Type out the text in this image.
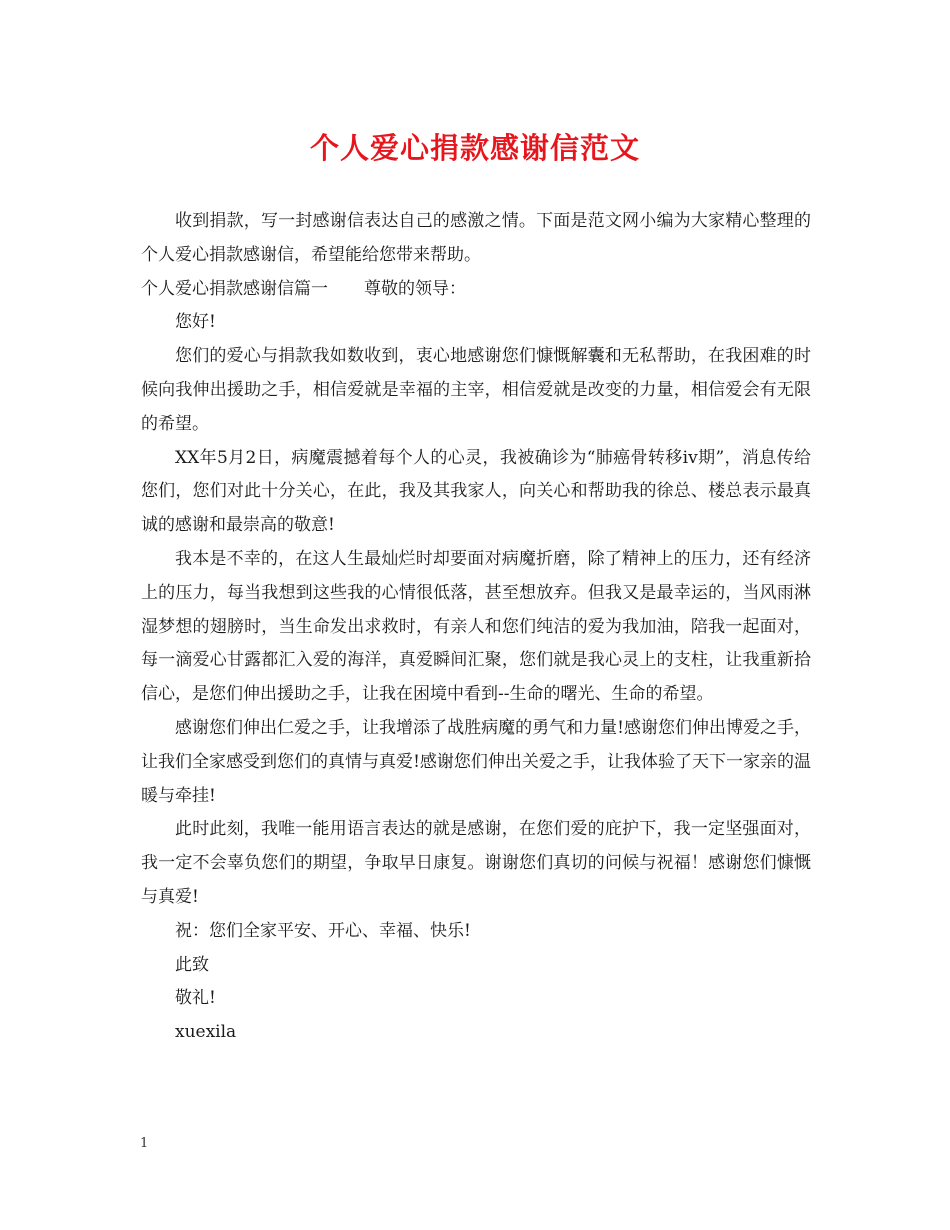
个人爱心捐款感谢信范文

收到捐款，写一封感谢信表达自己的感激之情。下面是范文网小编为大家精心整理的个人爱心捐款感谢信，希望能给您带来帮助。

个人爱心捐款感谢信篇一 尊敬的领导：

您好!

您们的爱心与捐款我如数收到，衷心地感谢您们慷慨解囊和无私帮助，在我困难的时候向我伸出援助之手，相信爱就是幸福的主宰，相信爱就是改变的力量，相信爱会有无限的希望。

XX年5月2日，病魔震撼着每个人的心灵，我被确诊为“肺癌骨转移iv期”，消息传给您们，您们对此十分关心，在此，我及其我家人，向关心和帮助我的徐总、楼总表示最真诚的感谢和最崇高的敬意!

我本是不幸的，在这人生最灿烂时却要面对病魔折磨，除了精神上的压力，还有经济上的压力，每当我想到这些我的心情很低落，甚至想放弃。但我又是最幸运的，当风雨淋湿梦想的翅膀时，当生命发出求救时，有亲人和您们纯洁的爱为我加油，陪我一起面对，每一滴爱心甘露都汇入爱的海洋，真爱瞬间汇聚，您们就是我心灵上的支柱，让我重新拾信心，是您们伸出援助之手，让我在困境中看到--生命的曙光、生命的希望。

感谢您们伸出仁爱之手，让我增添了战胜病魔的勇气和力量!感谢您们伸出博爱之手，让我们全家感受到您们的真情与真爱!感谢您们伸出关爱之手，让我体验了天下一家亲的温暖与牵挂!

此时此刻，我唯一能用语言表达的就是感谢，在您们爱的庇护下，我一定坚强面对，我一定不会辜负您们的期望，争取早日康复。谢谢您们真切的问候与祝福！感谢您们慷慨与真爱!

祝：您们全家平安、开心、幸福、快乐!

此致

敬礼!

xuexila

1
